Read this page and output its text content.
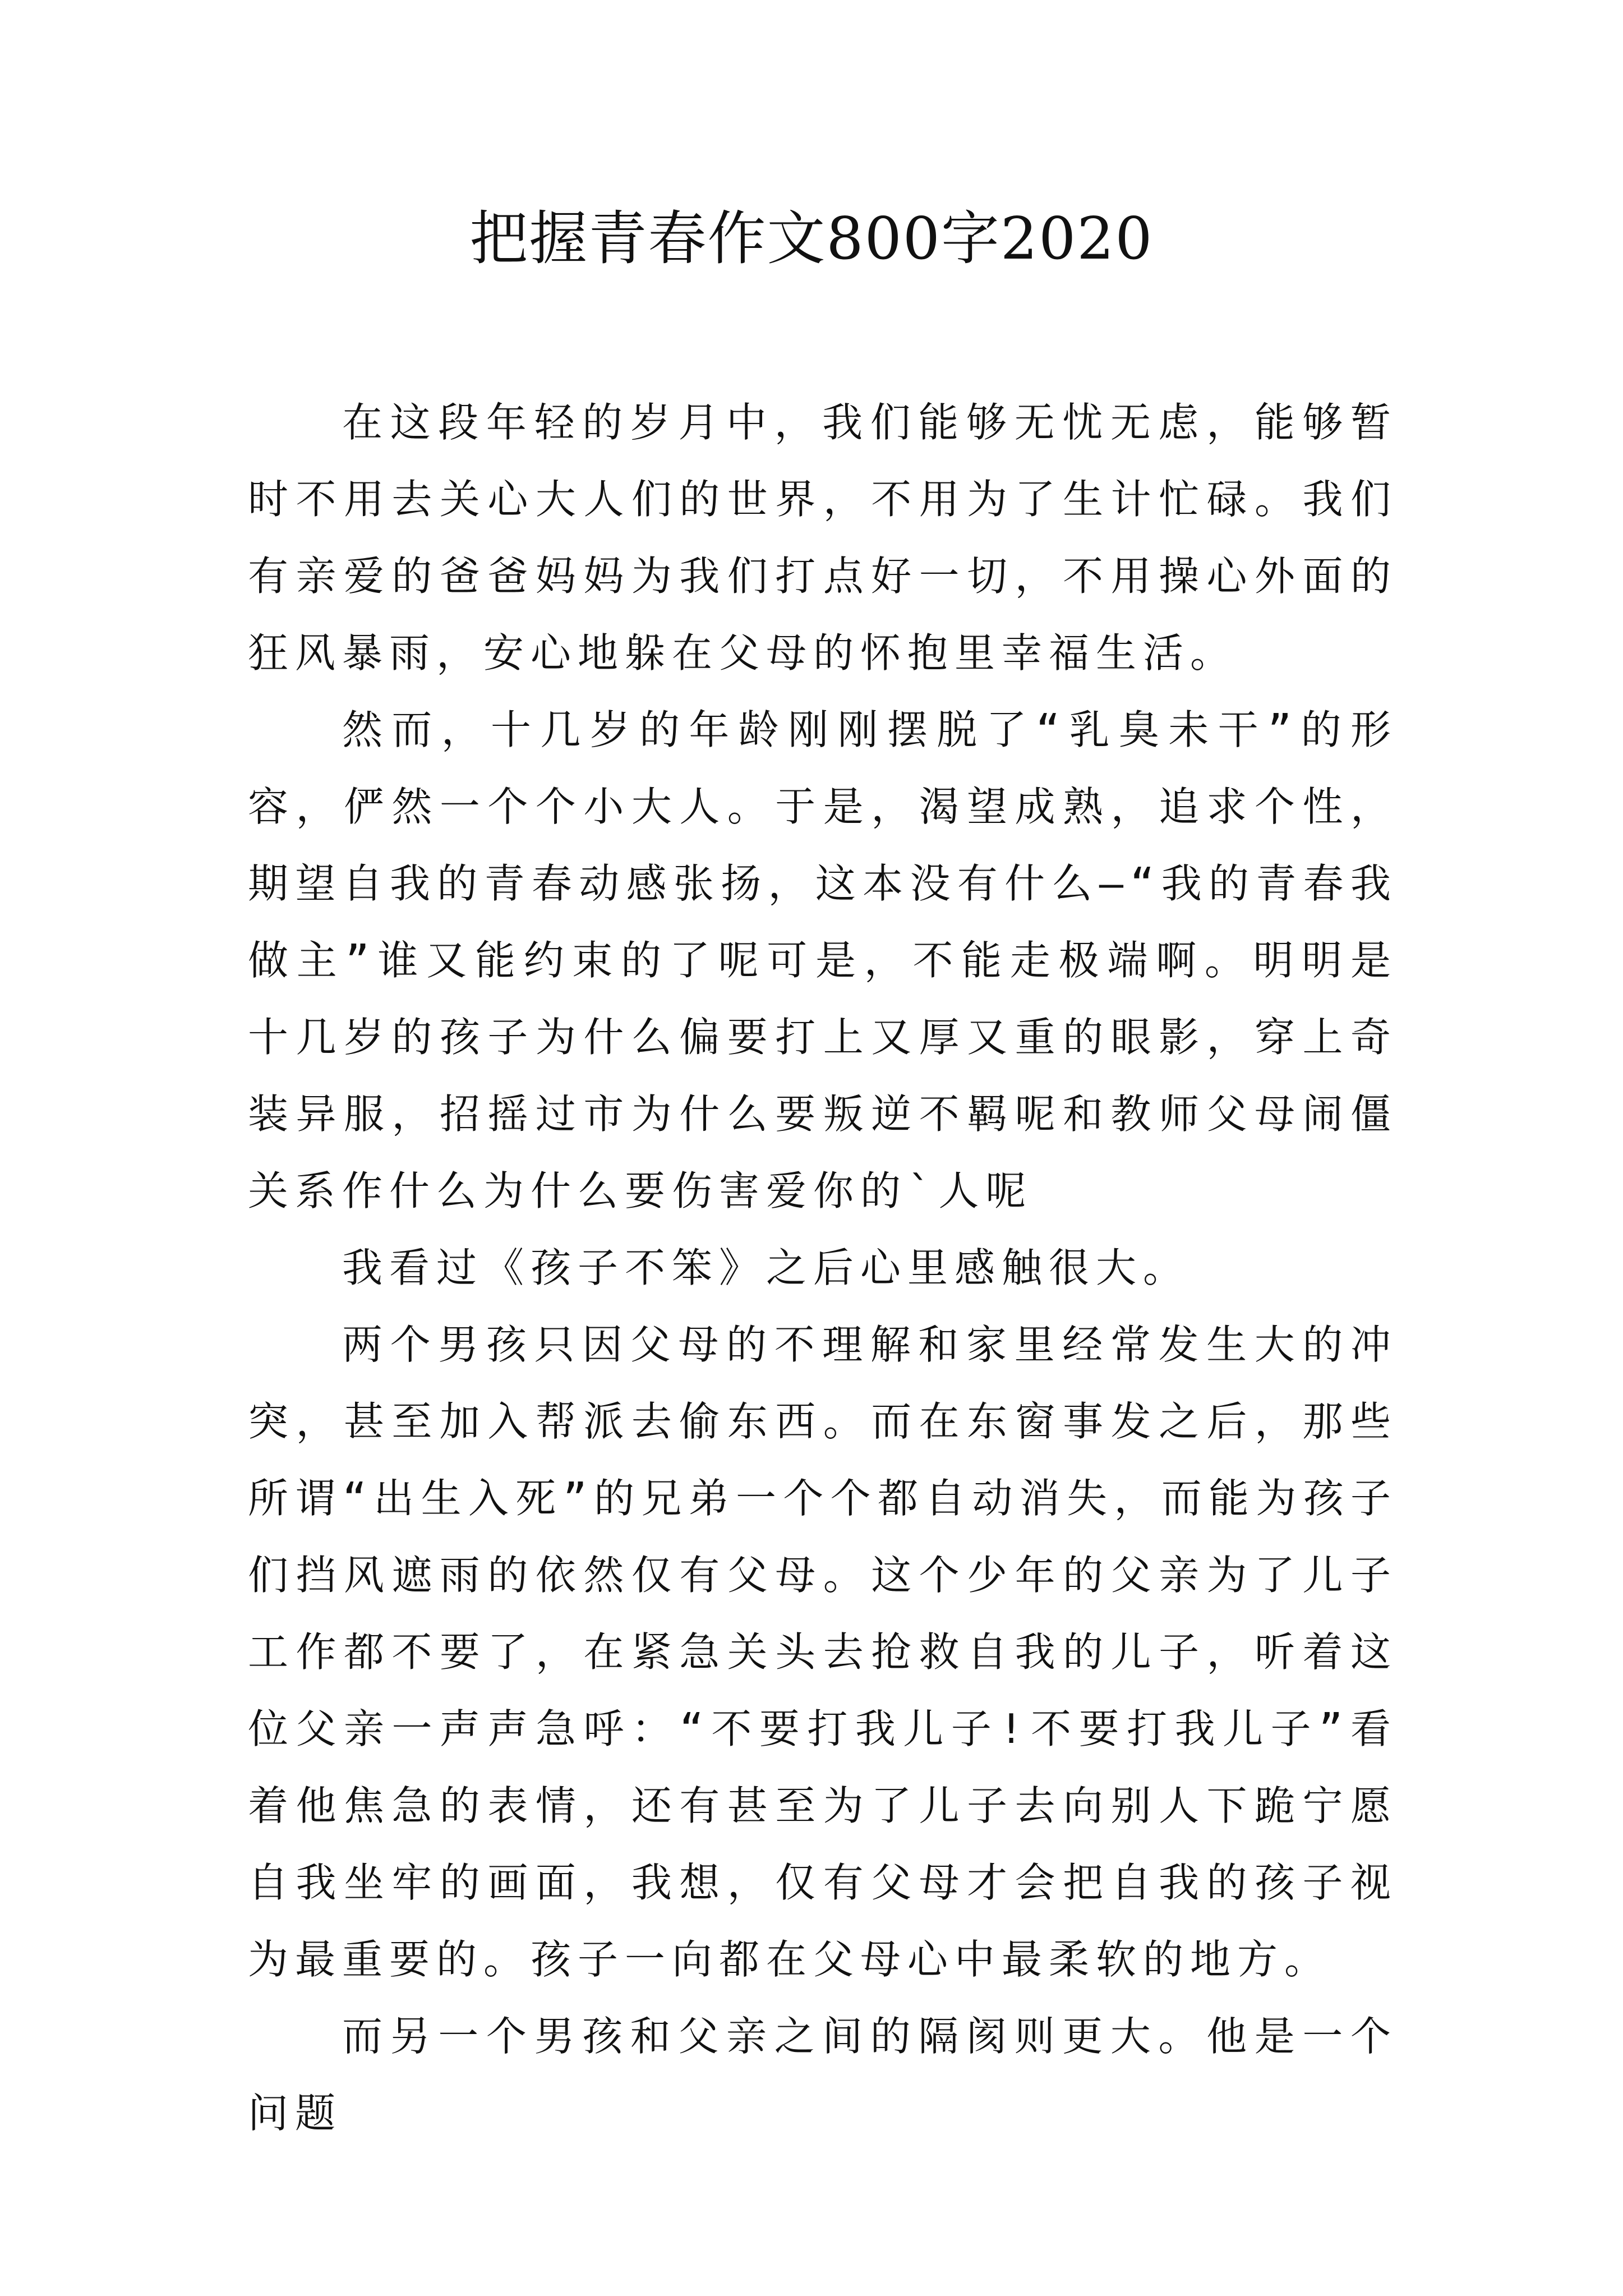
把握青春作文800字2020

在这段年轻的岁月中，我们能够无忧无虑，能够暂时不用去关心大人们的世界，不用为了生计忙碌。我们有亲爱的爸爸妈妈为我们打点好一切，不用操心外面的狂风暴雨，安心地躲在父母的怀抱里幸福生活。

然而，十几岁的年龄刚刚摆脱了“乳臭未干”的形容，俨然一个个小大人。于是，渴望成熟，追求个性，期望自我的青春动感张扬，这本没有什么—“我的青春我做主”谁又能约束的了呢可是，不能走极端啊。明明是十几岁的孩子为什么偏要打上又厚又重的眼影，穿上奇装异服，招摇过市为什么要叛逆不羁呢和教师父母闹僵关系作什么为什么要伤害爱你的`人呢

我看过《孩子不笨》之后心里感触很大。

两个男孩只因父母的不理解和家里经常发生大的冲突，甚至加入帮派去偷东西。而在东窗事发之后，那些所谓“出生入死”的兄弟一个个都自动消失，而能为孩子们挡风遮雨的依然仅有父母。这个少年的父亲为了儿子工作都不要了，在紧急关头去抢救自我的儿子，听着这位父亲一声声急呼：“不要打我儿子!不要打我儿子”看着他焦急的表情，还有甚至为了儿子去向别人下跪宁愿自我坐牢的画面，我想，仅有父母才会把自我的孩子视为最重要的。孩子一向都在父母心中最柔软的地方。

而另一个男孩和父亲之间的隔阂则更大。他是一个问题
